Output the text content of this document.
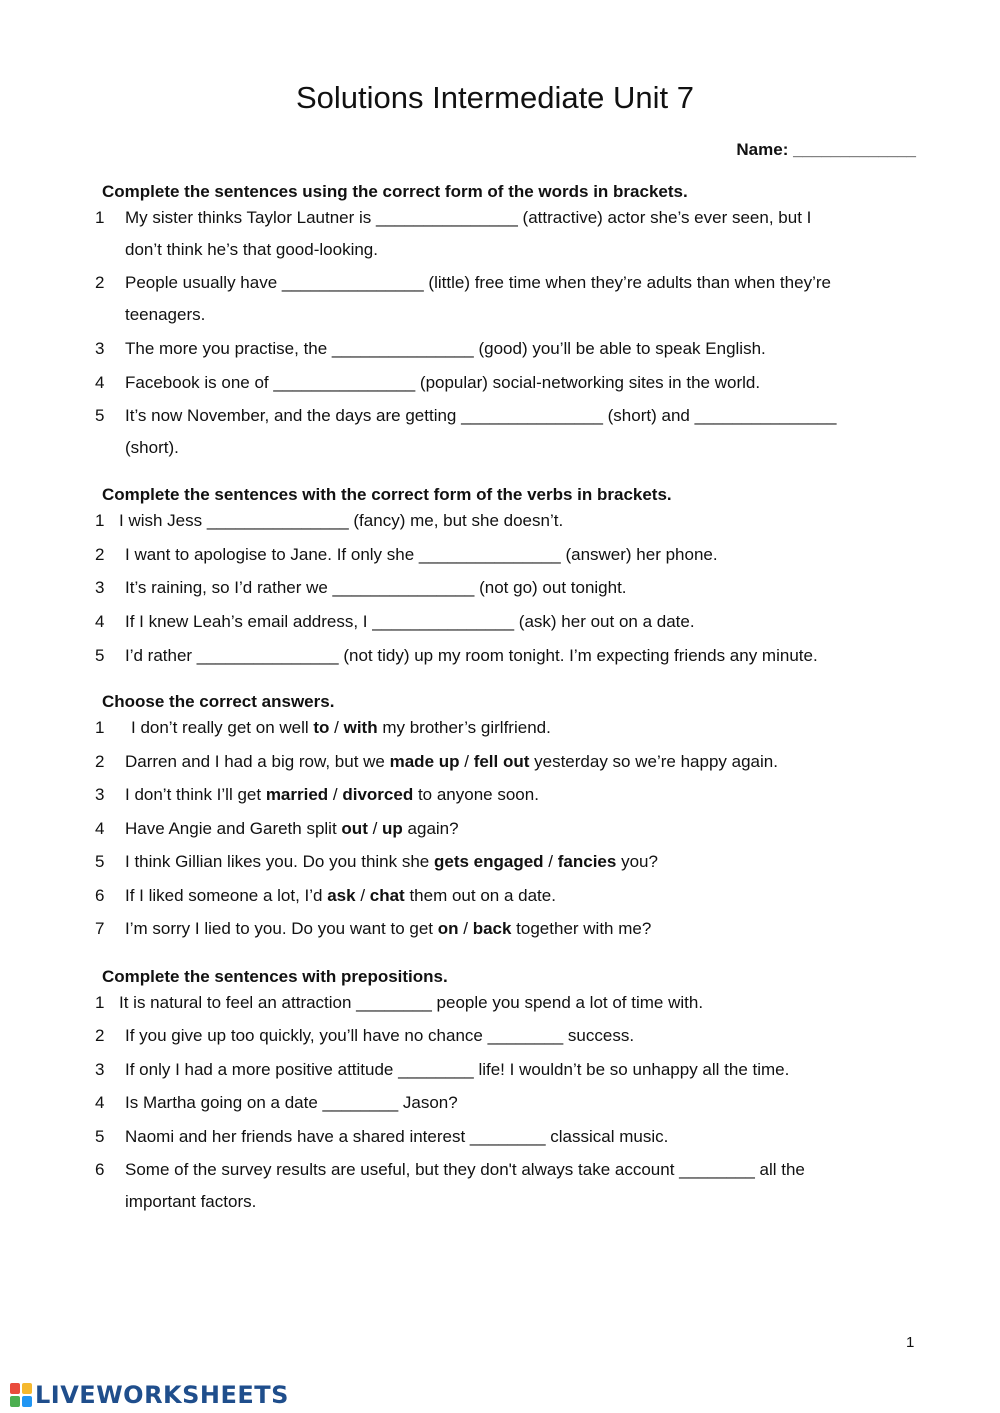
Solutions Intermediate Unit 7
Name: _____________
Complete the sentences using the correct form of the words in brackets.
1 My sister thinks Taylor Lautner is _______________ (attractive) actor she’s ever seen, but I
don’t think he’s that good-looking.
2 People usually have _______________ (little) free time when they’re adults than when they’re
teenagers.
3 The more you practise, the _______________ (good) you’ll be able to speak English.
4 Facebook is one of _______________ (popular) social-networking sites in the world.
5 It’s now November, and the days are getting _______________ (short) and _______________
(short).
Complete the sentences with the correct form of the verbs in brackets.
1 I wish Jess _______________ (fancy) me, but she doesn’t.
2 I want to apologise to Jane. If only she _______________ (answer) her phone.
3 It’s raining, so I’d rather we _______________ (not go) out tonight.
4 If I knew Leah’s email address, I _______________ (ask) her out on a date.
5 I’d rather _______________ (not tidy) up my room tonight. I’m expecting friends any minute.
Choose the correct answers.
1 I don’t really get on well to / with my brother’s girlfriend.
2 Darren and I had a big row, but we made up / fell out yesterday so we’re happy again.
3 I don’t think I’ll get married / divorced to anyone soon.
4 Have Angie and Gareth split out / up again?
5 I think Gillian likes you. Do you think she gets engaged / fancies you?
6 If I liked someone a lot, I’d ask / chat them out on a date.
7 I’m sorry I lied to you. Do you want to get on / back together with me?
Complete the sentences with prepositions.
1 It is natural to feel an attraction ________ people you spend a lot of time with.
2 If you give up too quickly, you’ll have no chance ________ success.
3 If only I had a more positive attitude ________ life! I wouldn’t be so unhappy all the time.
4 Is Martha going on a date ________ Jason?
5 Naomi and her friends have a shared interest ________ classical music.
6 Some of the survey results are useful, but they don't always take account ________ all the
important factors.
1
LIVEWORKSHEETS
